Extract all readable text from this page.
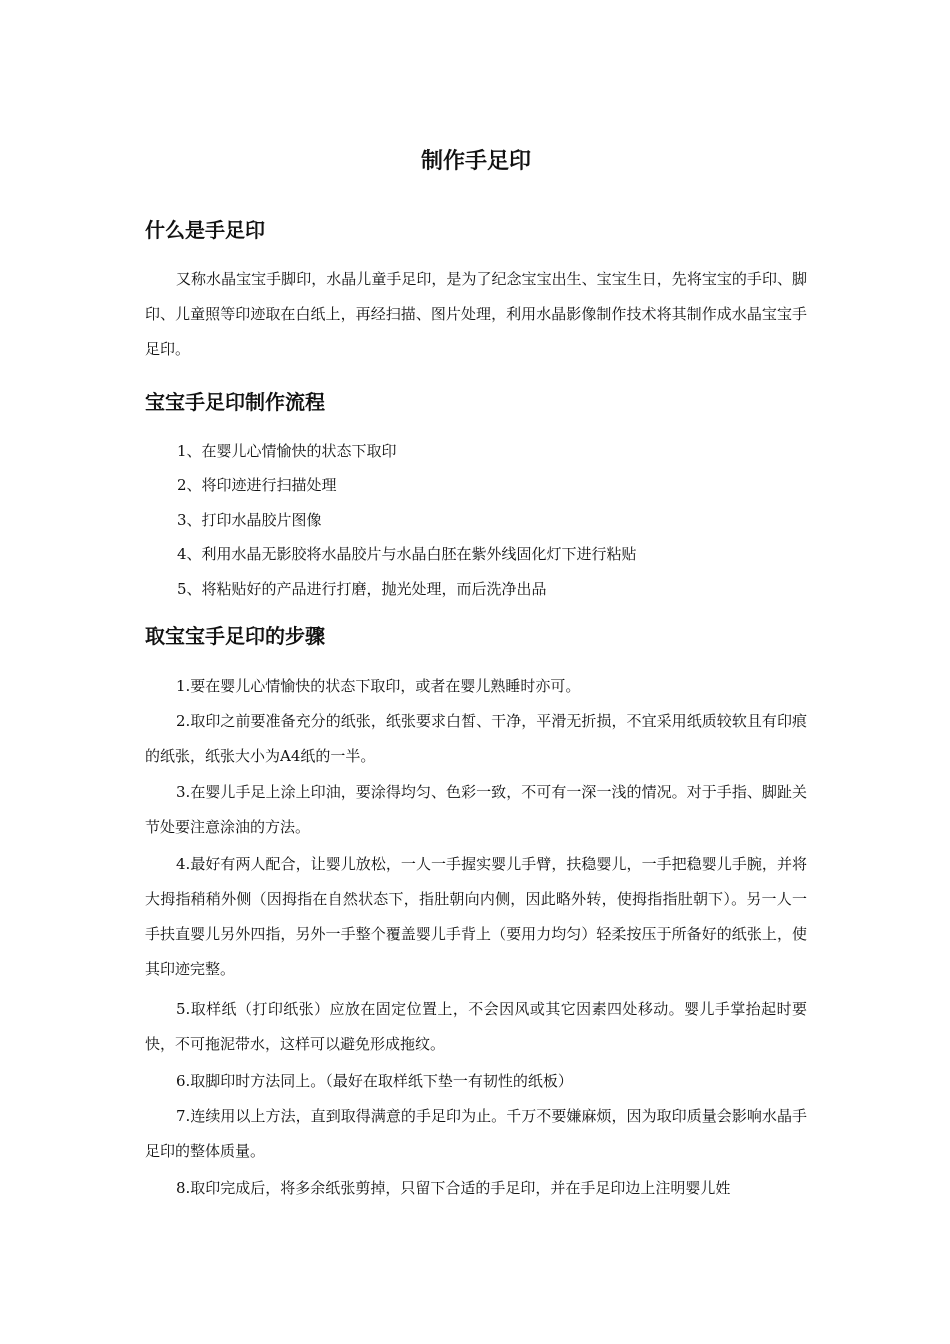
制作手足印
什么是手足印

又称水晶宝宝手脚印，水晶儿童手足印，是为了纪念宝宝出生、宝宝生日，先将宝宝的手印、脚印、儿童照等印迹取在白纸上，再经扫描、图片处理，利用水晶影像制作技术将其制作成水晶宝宝手足印。

宝宝手足印制作流程

1、在婴儿心情愉快的状态下取印

2、将印迹进行扫描处理

3、打印水晶胶片图像

4、利用水晶无影胶将水晶胶片与水晶白胚在紫外线固化灯下进行粘贴

5、将粘贴好的产品进行打磨，抛光处理，而后洗净出品

取宝宝手足印的步骤

1.要在婴儿心情愉快的状态下取印，或者在婴儿熟睡时亦可。

2.取印之前要准备充分的纸张，纸张要求白皙、干净，平滑无折损，不宜采用纸质较软且有印痕的纸张，纸张大小为A4纸的一半。

3.在婴儿手足上涂上印油，要涂得均匀、色彩一致，不可有一深一浅的情况。对于手指、脚趾关节处要注意涂油的方法。

4.最好有两人配合，让婴儿放松，一人一手握实婴儿手臂，扶稳婴儿，一手把稳婴儿手腕，并将大拇指稍稍外侧（因拇指在自然状态下，指肚朝向内侧，因此略外转，使拇指指肚朝下）。另一人一手扶直婴儿另外四指，另外一手整个覆盖婴儿手背上（要用力均匀）轻柔按压于所备好的纸张上，使其印迹完整。

5.取样纸（打印纸张）应放在固定位置上，不会因风或其它因素四处移动。婴儿手掌抬起时要快，不可拖泥带水，这样可以避免形成拖纹。

6.取脚印时方法同上。（最好在取样纸下垫一有韧性的纸板）

7.连续用以上方法，直到取得满意的手足印为止。千万不要嫌麻烦，因为取印质量会影响水晶手足印的整体质量。

8.取印完成后，将多余纸张剪掉，只留下合适的手足印，并在手足印边上注明婴儿姓
